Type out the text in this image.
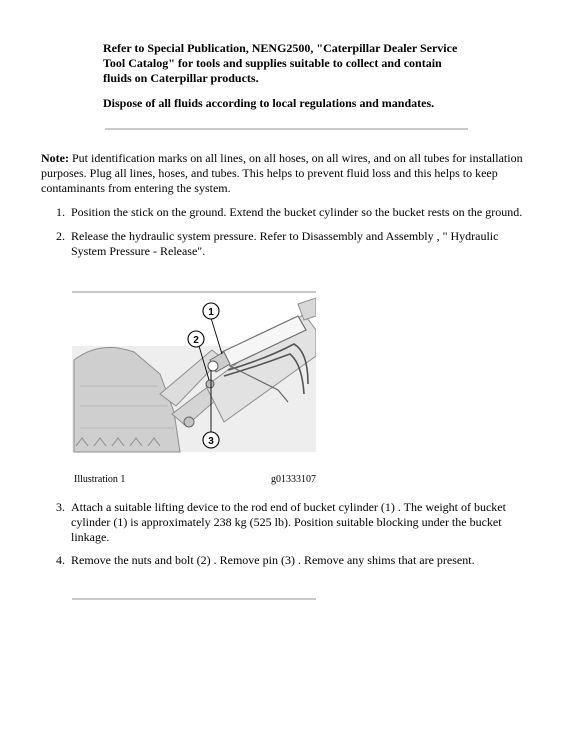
Refer to Special Publication, NENG2500, "Caterpillar Dealer Service Tool Catalog" for tools and supplies suitable to collect and contain fluids on Caterpillar products.
Dispose of all fluids according to local regulations and mandates.
Note: Put identification marks on all lines, on all hoses, on all wires, and on all tubes for installation purposes. Plug all lines, hoses, and tubes. This helps to prevent fluid loss and this helps to keep contaminants from entering the system.
1. Position the stick on the ground. Extend the bucket cylinder so the bucket rests on the ground.
2. Release the hydraulic system pressure. Refer to Disassembly and Assembly , " Hydraulic System Pressure - Release".
1
2
3
Illustration 1	g01333107
3. Attach a suitable lifting device to the rod end of bucket cylinder (1) . The weight of bucket cylinder (1) is approximately 238 kg (525 lb). Position suitable blocking under the bucket linkage.
4. Remove the nuts and bolt (2) . Remove pin (3) . Remove any shims that are present.
